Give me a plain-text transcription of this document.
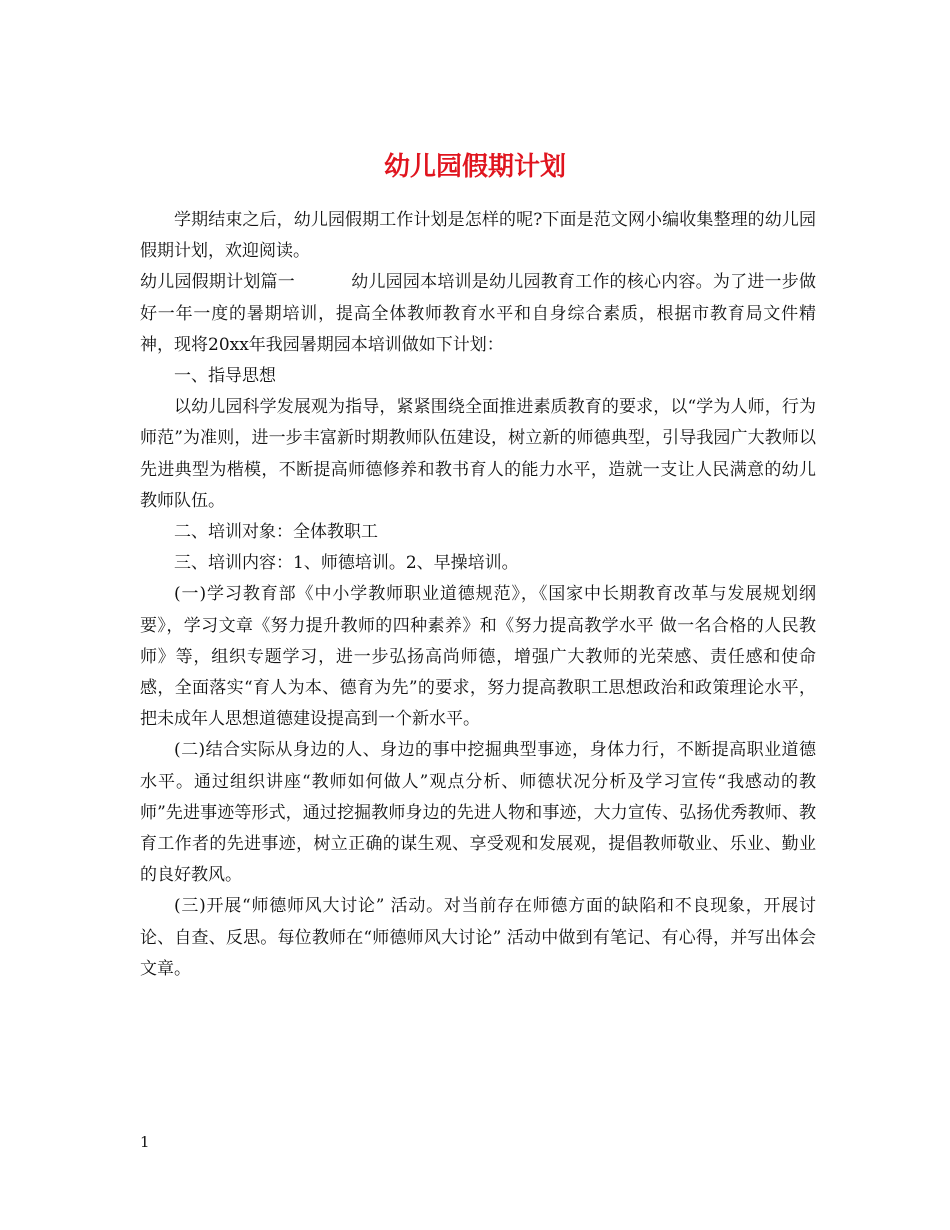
幼儿园假期计划

学期结束之后，幼儿园假期工作计划是怎样的呢?下面是范文网小编收集整理的幼儿园假期计划，欢迎阅读。

幼儿园假期计划篇一	幼儿园园本培训是幼儿园教育工作的核心内容。为了进一步做好一年一度的暑期培训，提高全体教师教育水平和自身综合素质，根据市教育局文件精神，现将20xx年我园暑期园本培训做如下计划：

一、指导思想

以幼儿园科学发展观为指导，紧紧围绕全面推进素质教育的要求，以“学为人师，行为师范”为准则，进一步丰富新时期教师队伍建设，树立新的师德典型，引导我园广大教师以先进典型为楷模，不断提高师德修养和教书育人的能力水平，造就一支让人民满意的幼儿教师队伍。

二、培训对象：全体教职工

三、培训内容：1、师德培训。2、早操培训。

(一)学习教育部《中小学教师职业道德规范》，《国家中长期教育改革与发展规划纲要》，学习文章《努力提升教师的四种素养》和《努力提高教学水平 做一名合格的人民教师》等，组织专题学习，进一步弘扬高尚师德，增强广大教师的光荣感、责任感和使命感，全面落实“育人为本、德育为先”的要求，努力提高教职工思想政治和政策理论水平，把未成年人思想道德建设提高到一个新水平。

(二)结合实际从身边的人、身边的事中挖掘典型事迹，身体力行，不断提高职业道德水平。通过组织讲座“教师如何做人”观点分析、师德状况分析及学习宣传“我感动的教师”先进事迹等形式，通过挖掘教师身边的先进人物和事迹，大力宣传、弘扬优秀教师、教育工作者的先进事迹，树立正确的谋生观、享受观和发展观，提倡教师敬业、乐业、勤业的良好教风。

(三)开展“师德师风大讨论” 活动。对当前存在师德方面的缺陷和不良现象，开展讨论、自查、反思。每位教师在“师德师风大讨论” 活动中做到有笔记、有心得，并写出体会文章。

1
